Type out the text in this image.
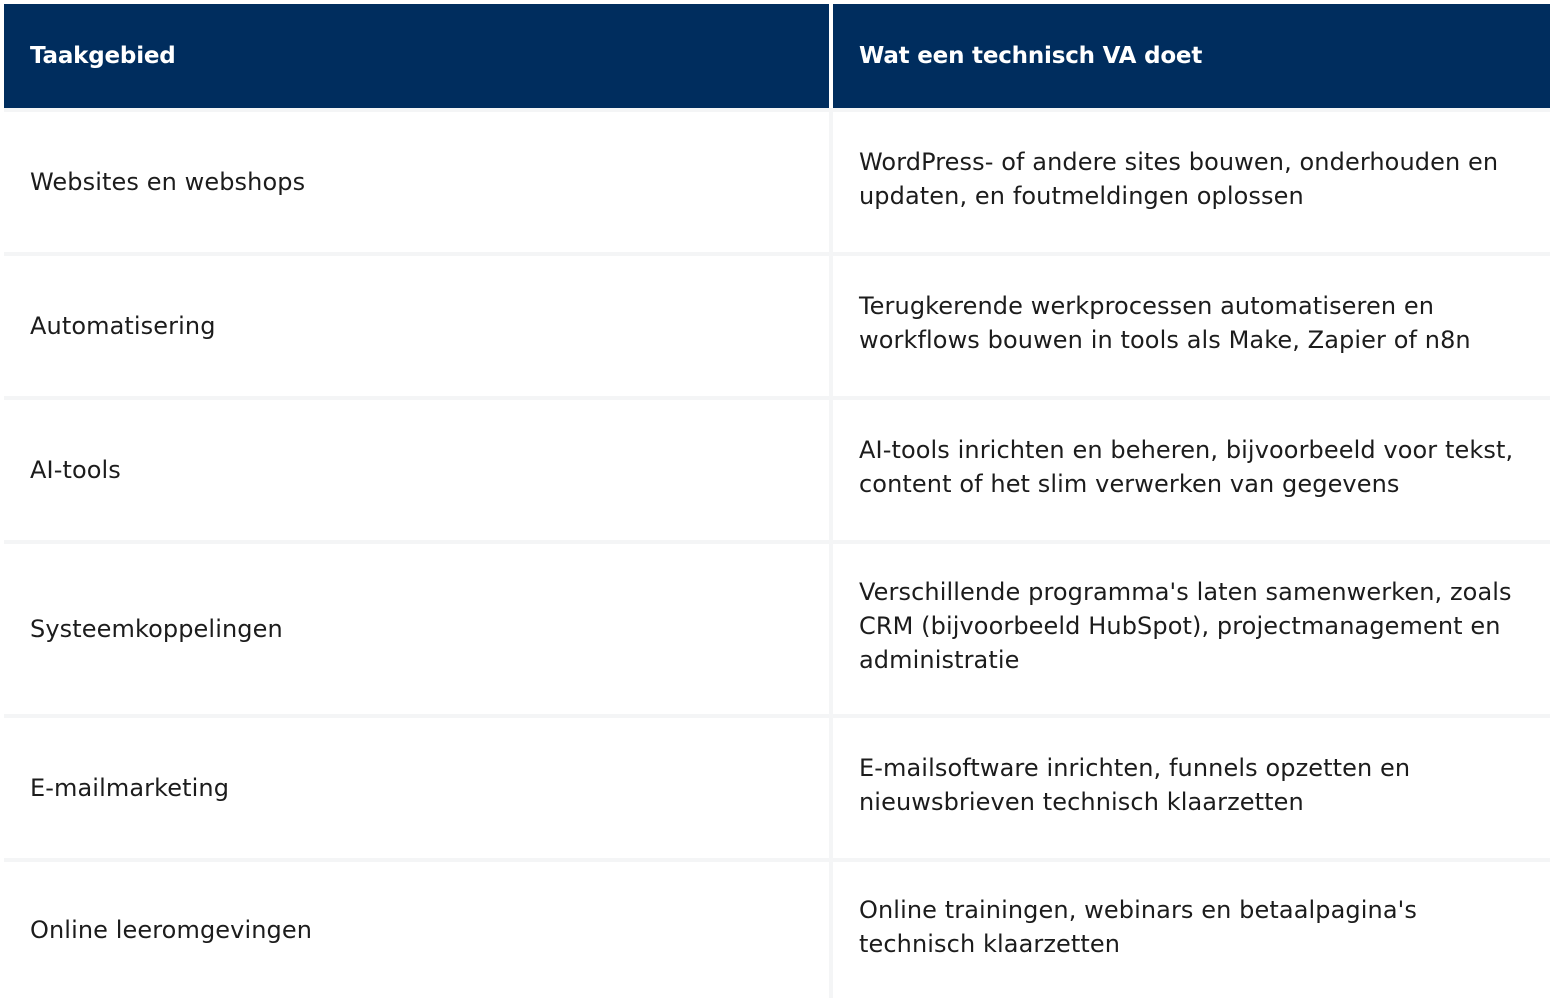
Taakgebied	Wat een technisch VA doet
Websites en webshops
WordPress- of andere sites bouwen, onderhouden en updaten, en foutmeldingen oplossen
Automatisering
Terugkerende werkprocessen automatiseren en workflows bouwen in tools als Make, Zapier of n8n
AI-tools
AI-tools inrichten en beheren, bijvoorbeeld voor tekst, content of het slim verwerken van gegevens
Systeemkoppelingen
Verschillende programma's laten samenwerken, zoals CRM (bijvoorbeeld HubSpot), projectmanagement en administratie
E-mailmarketing
E-mailsoftware inrichten, funnels opzetten en nieuwsbrieven technisch klaarzetten
Online leeromgevingen
Online trainingen, webinars en betaalpagina's technisch klaarzetten
